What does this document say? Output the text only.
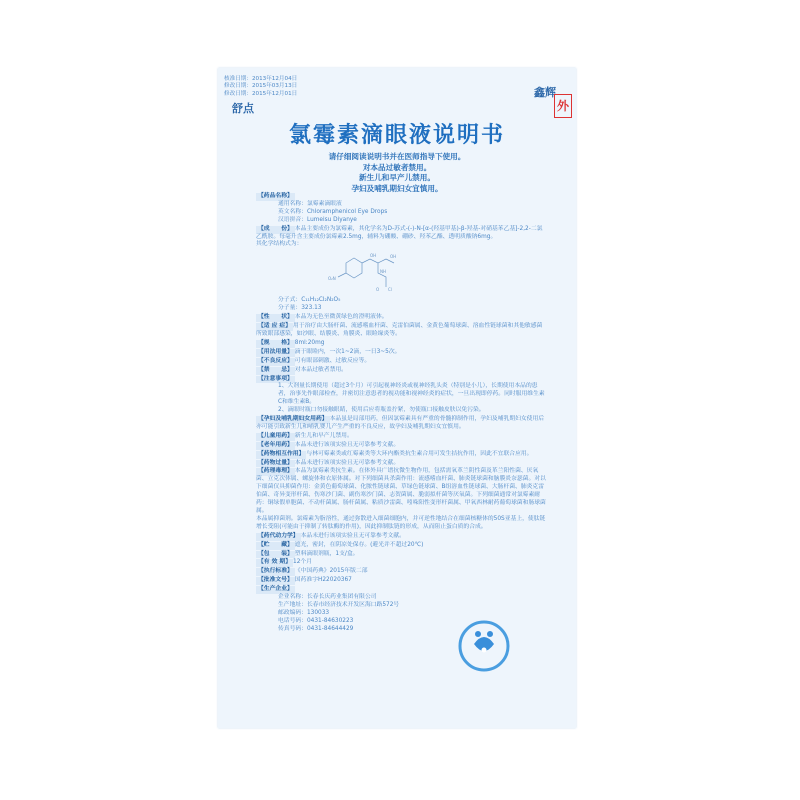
核准日期：2013年12月04日
修改日期：2015年03月13日
修改日期：2015年12月01日
舒点
鑫辉
外
氯霉素滴眼液说明书
请仔细阅读说明书并在医师指导下使用。
对本品过敏者禁用。
新生儿和早产儿禁用。
孕妇及哺乳期妇女宜慎用。
【药品名称】
通用名称：氯霉素滴眼液
英文名称：Chloramphenicol Eye Drops
汉语拼音：Lumeisu Diyanye
【成　　份】 本品主要成份为氯霉素，其化学名为D-苏式-(-)-N-[α-(羟基甲基)-β-羟基-对硝基苯乙基]-2,2-二氯乙酰胺。每毫升含主要成份氯霉素2.5mg，辅料为硼酸、硼砂、羟苯乙酯、透明质酸钠6mg。
其化学结构式为：
O₂N
OH	OH
NH
Cl
O
分子式：C₁₁H₁₂Cl₂N₂O₅
分子量：323.13
【性　　状】 本品为无色至微黄绿色的澄明液体。
【适 应 症】 用于治疗由大肠杆菌、流感嗜血杆菌、克雷伯菌属、金黄色葡萄球菌、溶血性链球菌和其他敏感菌所致眼部感染，如沙眼、结膜炎、角膜炎、眼睑缘炎等。
【规　　格】 8ml:20mg
【用法用量】 滴于眼睑内，一次1~2滴，一日3~5次。
【不良反应】 可有眼部刺激、过敏反应等。
【禁　　忌】 对本品过敏者禁用。
【注意事项】
1、大剂量长期使用（超过3个月）可引起视神经炎或视神经乳头炎（特别是小儿），长期使用本品的患者，治事先作眼部检查，并密切注意患者的视功能和视神经炎的症状，一旦出现即停药。同时服用维生素C和维生素B。
2、滴眼时瓶口勿接触眼睛，使用后应将瓶盖拧紧，勿使瓶口接触皮肤以免污染。
【孕妇及哺乳期妇女用药】 本品虽是局部用药，但因氯霉素具有严重的骨髓抑制作用，孕妇及哺乳期妇女使用后亦可能引致新生儿和哺乳婴儿产生严重的不良反应，故孕妇及哺乳期妇女宜慎用。
【儿童用药】 新生儿和早产儿禁用。
【老年用药】 本品未进行该项实验且无可靠参考文献。
【药物相互作用】 与林可霉素类或红霉素类等大环内酯类抗生素合用可发生拮抗作用，因此不宜联合应用。
【药物过量】 本品未进行该项实验且无可靠参考文献。
【药理毒理】 本品为氯霉素类抗生素。在体外具广谱抗微生物作用，包括需氧革兰阴性菌及革兰阳性菌、厌氧菌、立克次体属、螺旋体和衣原体属。对下列细菌具杀菌作用：流感嗜血杆菌、肺炎链球菌和脑膜炎奈瑟菌。对以下细菌仅具抑菌作用：金黄色葡萄球菌、化脓性链球菌、草绿色链球菌、B组溶血性链球菌、大肠杆菌、肺炎克雷伯菌、奇异变形杆菌、伤寒沙门菌、副伤寒沙门菌、志贺菌属、脆弱拟杆菌等厌氧菌。下列细菌通常对氯霉素耐药：铜绿假单胞菌、不动杆菌属、肠杆菌属、粘质沙雷菌、吲哚阳性变形杆菌属、甲氧西林耐药葡萄球菌和肠球菌属。
本品属抑菌剂。氯霉素为脂溶性，通过弥散进入细菌细胞内，并可逆性地结合在细菌核糖体的50S亚基上，使肽链增长受阻(可能由于抑制了转肽酶的作用)，因此抑制肽链的形成，从而阻止蛋白质的合成。
【药代动力学】 本品未进行该项实验且无可靠参考文献。
【贮　　藏】 遮光，密封，在阴凉处保存。(避光并不超过20℃)
【包　　装】 塑料滴眼剂瓶，1支/盒。
【有 效 期】 12个月
【执行标准】 《中国药典》2015年版二部
【批准文号】 国药准字H22020367
【生产企业】
企业名称：长春长庆药业集团有限公司
生产地址：长春市经济技术开发区海口路572号
邮政编码：130033
电话号码：0431-84630223
传真号码：0431-84644429
